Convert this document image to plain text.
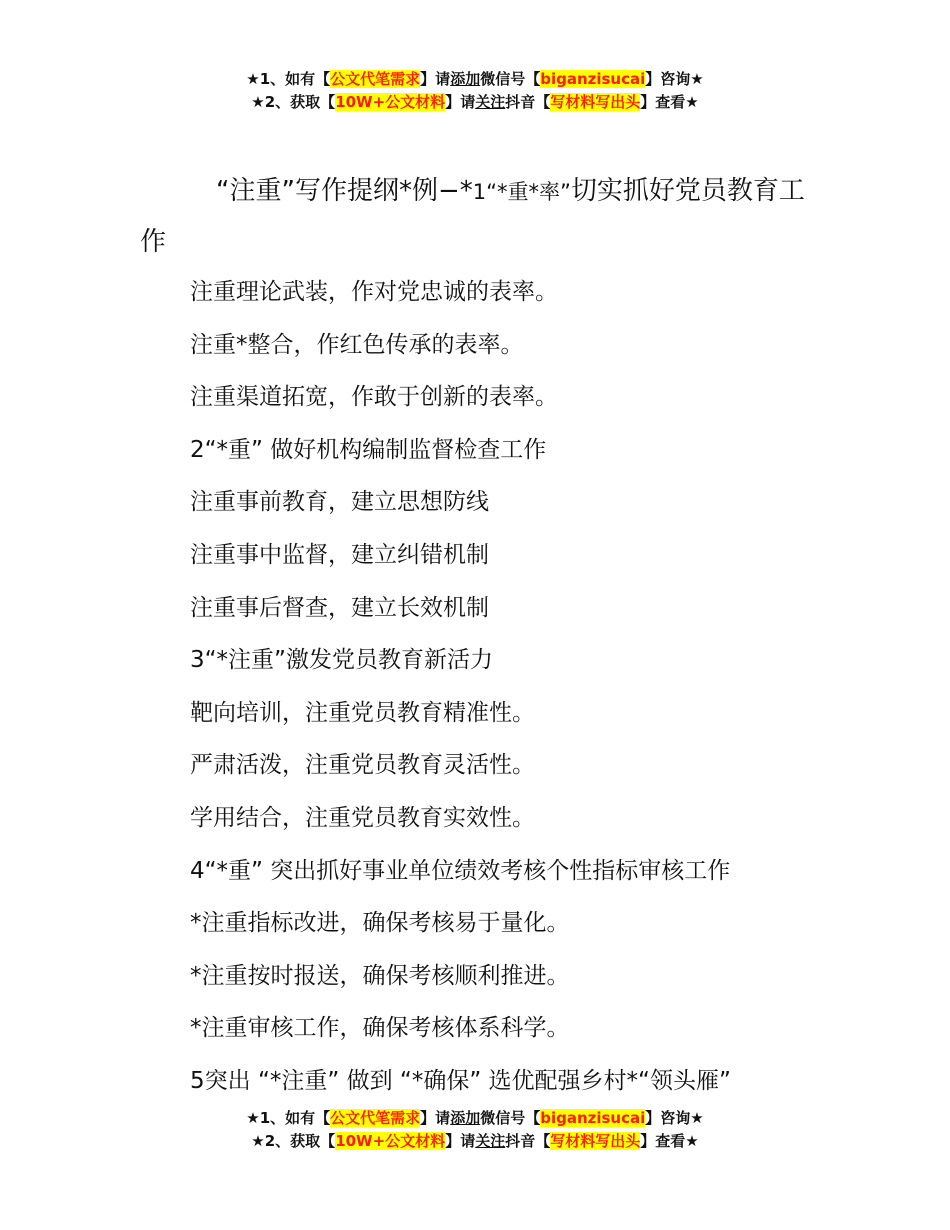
★1、如有【公文代笔需求】请添加微信号【biganzisucai】咨询★
★2、获取【10W+公文材料】请关注抖音【写材料写出头】查看★
“注重”写作提纲*例−*1“*重*率”切实抓好党员教育工作
注重理论武装，作对党忠诚的表率。
注重*整合，作红色传承的表率。
注重渠道拓宽，作敢于创新的表率。
2“*重” 做好机构编制监督检查工作
注重事前教育，建立思想防线
注重事中监督，建立纠错机制
注重事后督查，建立长效机制
3“*注重”激发党员教育新活力
靶向培训，注重党员教育精准性。
严肃活泼，注重党员教育灵活性。
学用结合，注重党员教育实效性。
4“*重” 突出抓好事业单位绩效考核个性指标审核工作
*注重指标改进，确保考核易于量化。
*注重按时报送，确保考核顺利推进。
*注重审核工作，确保考核体系科学。
5突出 “*注重” 做到 “*确保” 选优配强乡村*“领头雁”
★1、如有【公文代笔需求】请添加微信号【biganzisucai】咨询★
★2、获取【10W+公文材料】请关注抖音【写材料写出头】查看★
